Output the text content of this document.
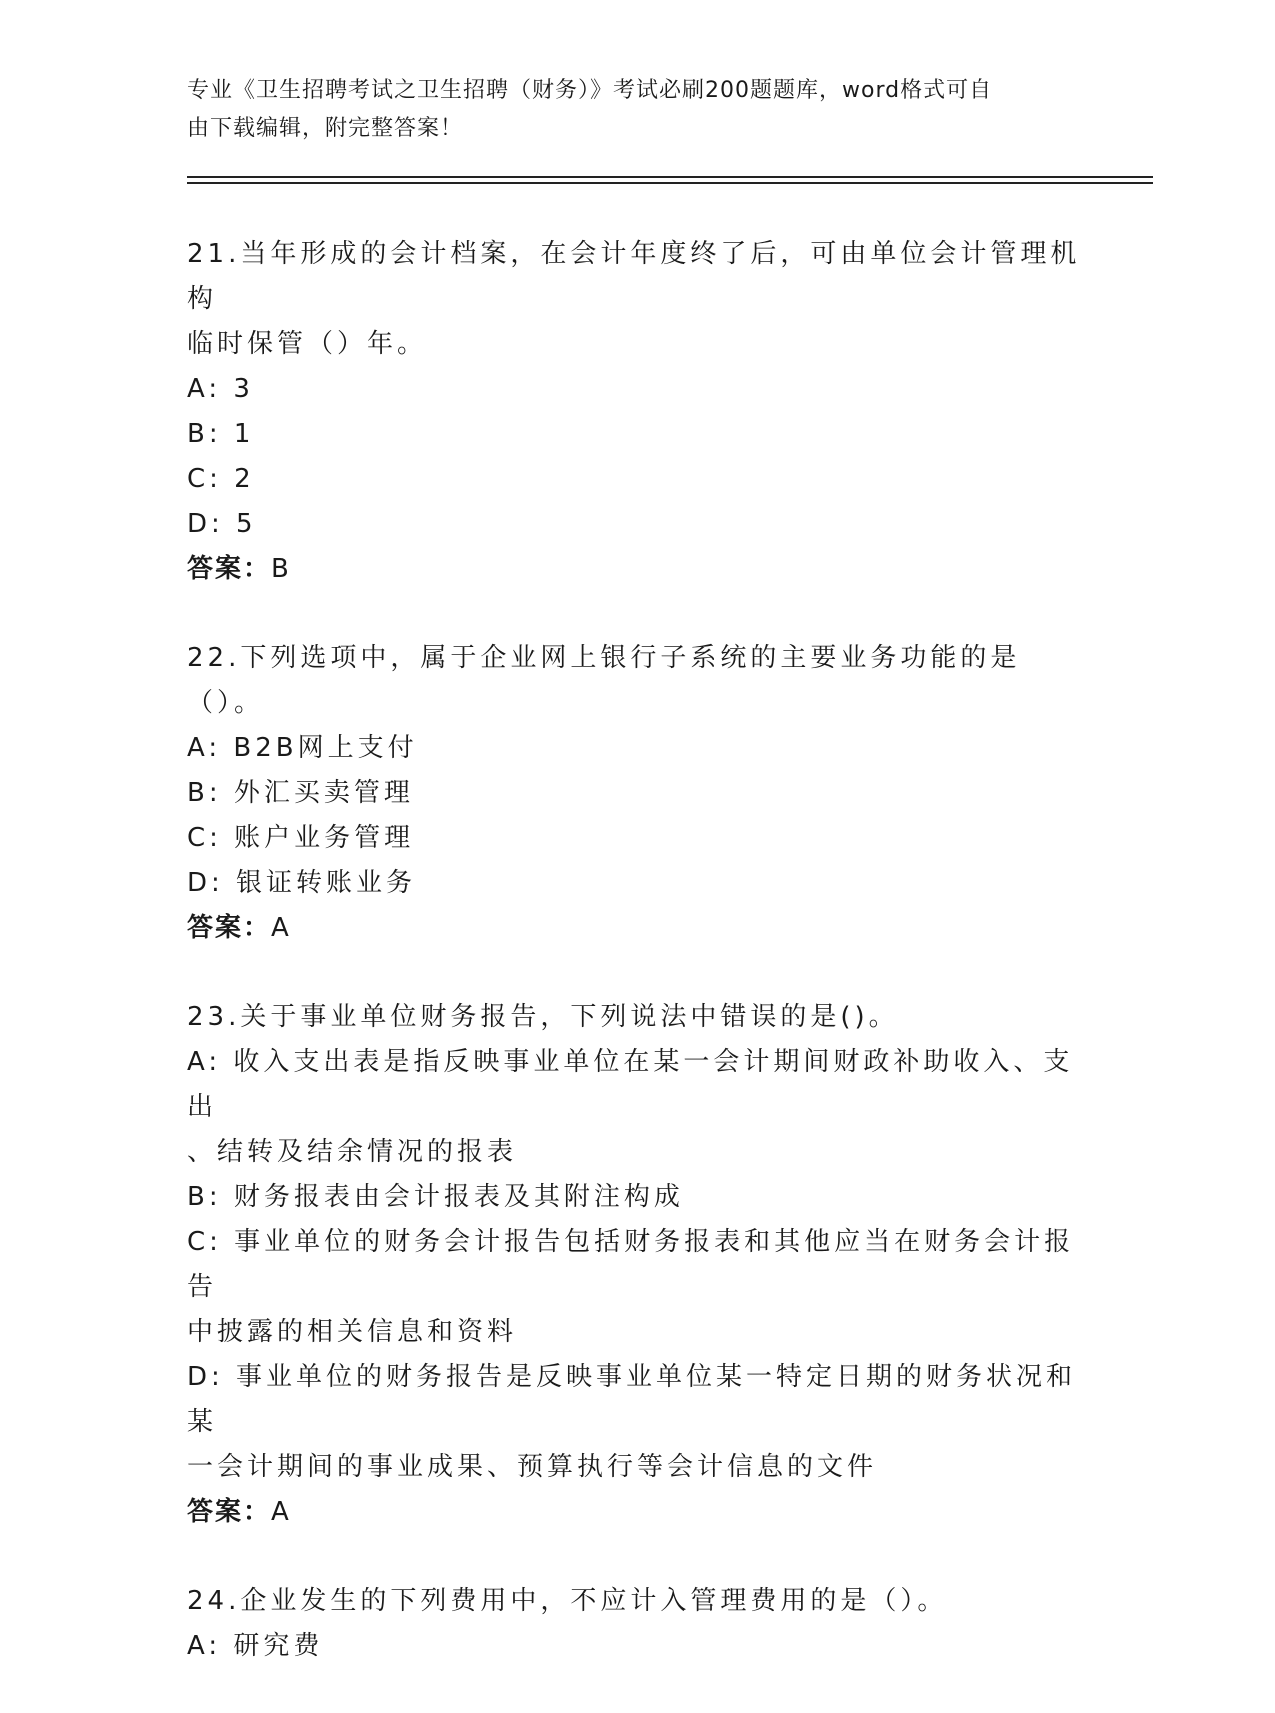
专业《卫生招聘考试之卫生招聘（财务）》考试必刷200题题库，word格式可自
由下载编辑，附完整答案！
21.当年形成的会计档案，在会计年度终了后，可由单位会计管理机构
临时保管（）年。
A: 3
B: 1
C: 2
D: 5
答案：B
22.下列选项中，属于企业网上银行子系统的主要业务功能的是（）。
A: B2B网上支付
B: 外汇买卖管理
C: 账户业务管理
D: 银证转账业务
答案：A
23.关于事业单位财务报告，下列说法中错误的是()。
A: 收入支出表是指反映事业单位在某一会计期间财政补助收入、支出
、结转及结余情况的报表
B: 财务报表由会计报表及其附注构成
C: 事业单位的财务会计报告包括财务报表和其他应当在财务会计报告
中披露的相关信息和资料
D: 事业单位的财务报告是反映事业单位某一特定日期的财务状况和某
一会计期间的事业成果、预算执行等会计信息的文件
答案：A
24.企业发生的下列费用中，不应计入管理费用的是（）。
A: 研究费
